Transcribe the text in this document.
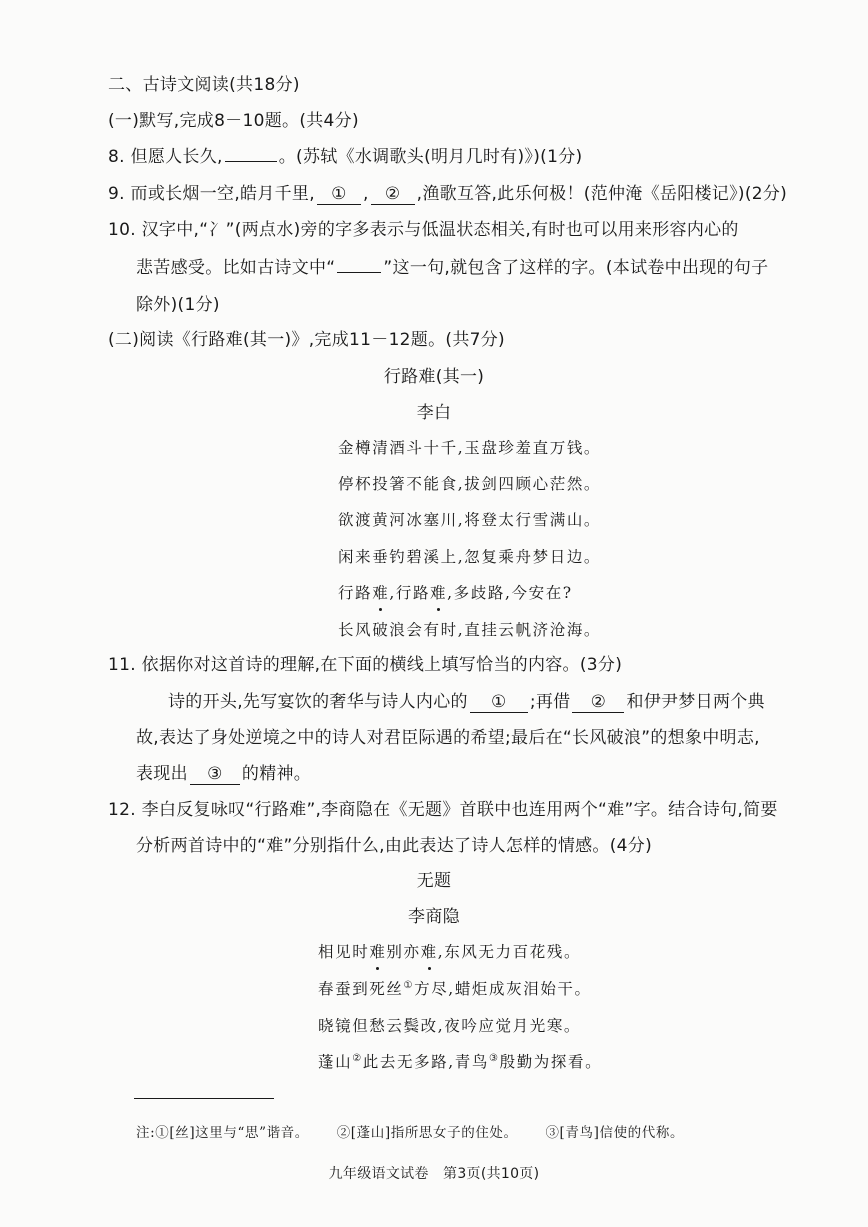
二、古诗文阅读(共18分)
(一)默写,完成8－10题。(共4分)
8. 但愿人长久,	。(苏轼《水调歌头(明月几时有)》)(1分)
9. 而或长烟一空,皓月千里, ① , ② ,渔歌互答,此乐何极！(范仲淹《岳阳楼记》)(2分)
10. 汉字中,“冫”(两点水)旁的字多表示与低温状态相关,有时也可以用来形容内心的
悲苦感受。比如古诗文中“	”这一句,就包含了这样的字。(本试卷中出现的句子
除外)(1分)
(二)阅读《行路难(其一)》,完成11－12题。(共7分)
行路难(其一)
李白
金樽清酒斗十千,玉盘珍羞直万钱。
停杯投箸不能食,拔剑四顾心茫然。
欲渡黄河冰塞川,将登太行雪满山。
闲来垂钓碧溪上,忽复乘舟梦日边。
行路难,行路难,多歧路,今安在?
长风破浪会有时,直挂云帆济沧海。
11. 依据你对这首诗的理解,在下面的横线上填写恰当的内容。(3分)
诗的开头,先写宴饮的奢华与诗人内心的 ① ;再借 ② 和伊尹梦日两个典
故,表达了身处逆境之中的诗人对君臣际遇的希望;最后在“长风破浪”的想象中明志,
表现出 ③ 的精神。
12. 李白反复咏叹“行路难”,李商隐在《无题》首联中也连用两个“难”字。结合诗句,简要
分析两首诗中的“难”分别指什么,由此表达了诗人怎样的情感。(4分)
无题
李商隐
相见时难别亦难,东风无力百花残。
春蚕到死丝①方尽,蜡炬成灰泪始干。
晓镜但愁云鬓改,夜吟应觉月光寒。
蓬山②此去无多路,青鸟③殷勤为探看。
注:①[丝]这里与“思”谐音。 ②[蓬山]指所思女子的住处。 ③[青鸟]信使的代称。
九年级语文试卷　第3页(共10页)
